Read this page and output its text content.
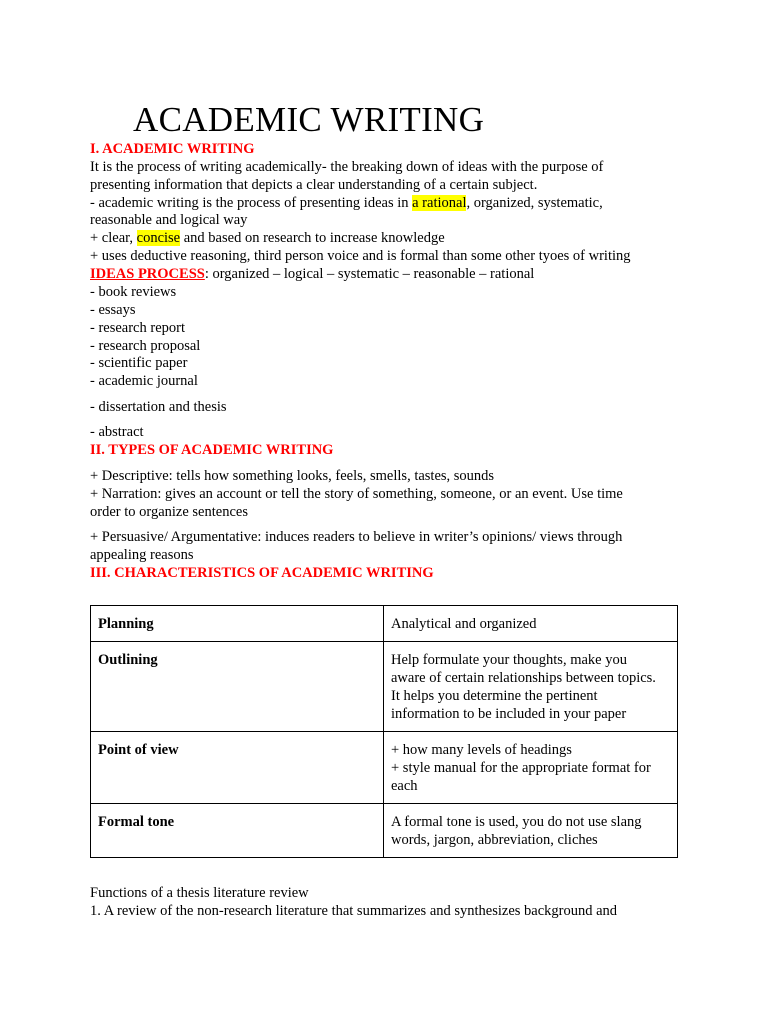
ACADEMIC WRITING
I. ACADEMIC WRITING
It is the process of writing academically- the breaking down of ideas with the purpose of
presenting information that depicts a clear understanding of a certain subject.
- academic writing is the process of presenting ideas in a rational, organized, systematic,
reasonable and logical way
+ clear, concise and based on research to increase knowledge
+ uses deductive reasoning, third person voice and is formal than some other tyoes of writing
IDEAS PROCESS: organized – logical – systematic – reasonable – rational
- book reviews
- essays
- research report
- research proposal
- scientific paper
- academic journal
- dissertation and thesis
- abstract
II. TYPES OF ACADEMIC WRITING
+ Descriptive: tells how something looks, feels, smells, tastes, sounds
+ Narration: gives an account or tell the story of something, someone, or an event. Use time
order to organize sentences
+ Persuasive/ Argumentative: induces readers to believe in writer’s opinions/ views through
appealing reasons
III. CHARACTERISTICS OF ACADEMIC WRITING
Planning	Analytical and organized

Outlining	Help formulate your thoughts, make you
aware of certain relationships between topics.
It helps you determine the pertinent
information to be included in your paper

Point of view	+ how many levels of headings
+ style manual for the appropriate format for
each

Formal tone	A formal tone is used, you do not use slang
words, jargon, abbreviation, cliches
Functions of a thesis literature review
1. A review of the non-research literature that summarizes and synthesizes background and
